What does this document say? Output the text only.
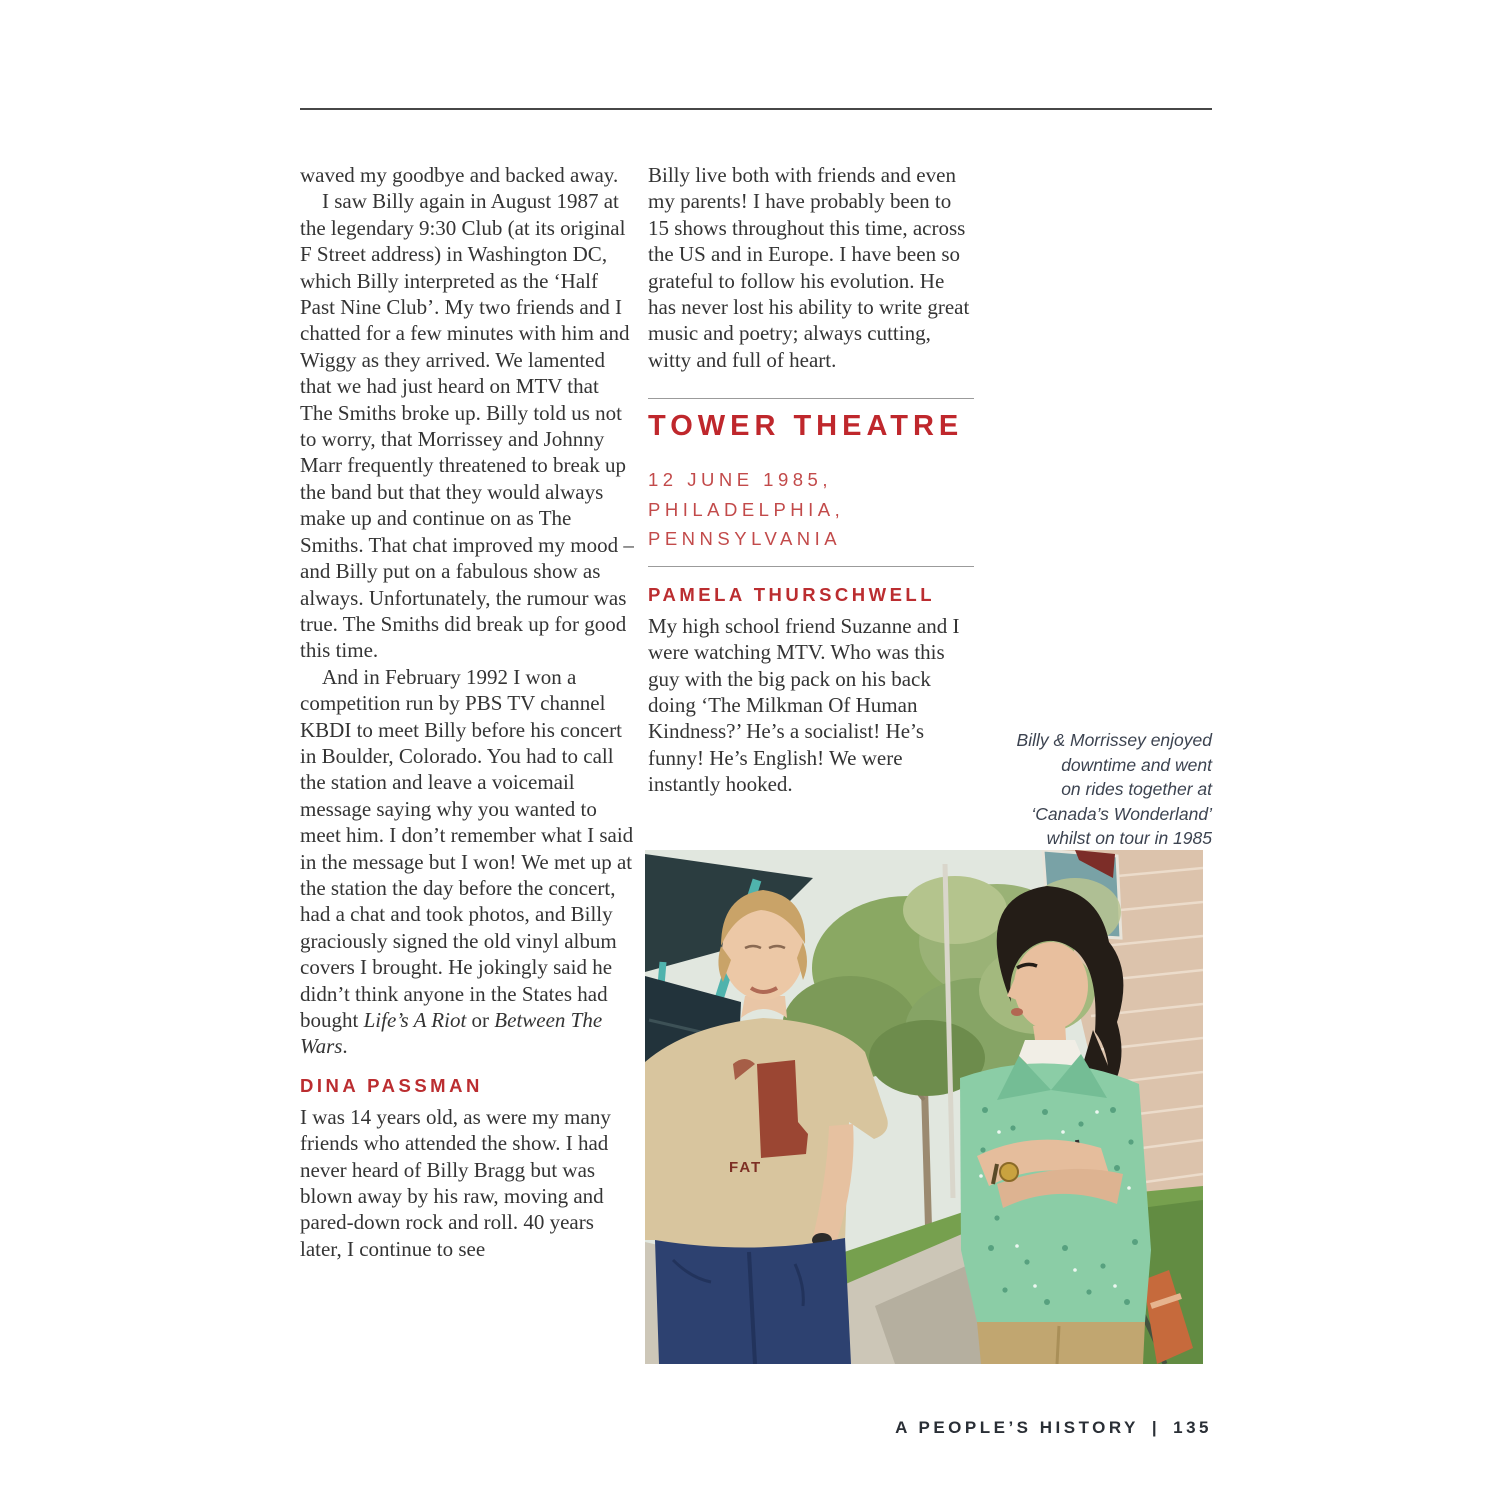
waved my goodbye and backed away.

I saw Billy again in August 1987 at the legendary 9:30 Club (at its original F Street address) in Washington DC, which Billy interpreted as the ‘Half Past Nine Club’. My two friends and I chatted for a few minutes with him and Wiggy as they arrived. We lamented that we had just heard on MTV that The Smiths broke up. Billy told us not to worry, that Morrissey and Johnny Marr frequently threatened to break up the band but that they would always make up and continue on as The Smiths. That chat improved my mood – and Billy put on a fabulous show as always. Unfortunately, the rumour was true. The Smiths did break up for good this time.

And in February 1992 I won a competition run by PBS TV channel KBDI to meet Billy before his concert in Boulder, Colorado. You had to call the station and leave a voicemail message saying why you wanted to meet him. I don’t remember what I said in the message but I won! We met up at the station the day before the concert, had a chat and took photos, and Billy graciously signed the old vinyl album covers I brought. He jokingly said he didn’t think anyone in the States had bought Life’s A Riot or Between The Wars.

DINA PASSMAN

I was 14 years old, as were my many friends who attended the show. I had never heard of Billy Bragg but was blown away by his raw, moving and pared-down rock and roll. 40 years later, I continue to see

Billy live both with friends and even my parents! I have probably been to 15 shows throughout this time, across the US and in Europe. I have been so grateful to follow his evolution. He has never lost his ability to write great music and poetry; always cutting, witty and full of heart.

TOWER THEATRE
12 JUNE 1985,
PHILADELPHIA,
PENNSYLVANIA
PAMELA THURSCHWELL

My high school friend Suzanne and I were watching MTV. Who was this guy with the big pack on his back doing ‘The Milkman Of Human Kindness?’ He’s a socialist! He’s funny! He’s English! We were instantly hooked.

Billy & Morrissey enjoyed
downtime and went
on rides together at
‘Canada’s Wonderland’
whilst on tour in 1985
FAT
A PEOPLE’S HISTORY | 135
